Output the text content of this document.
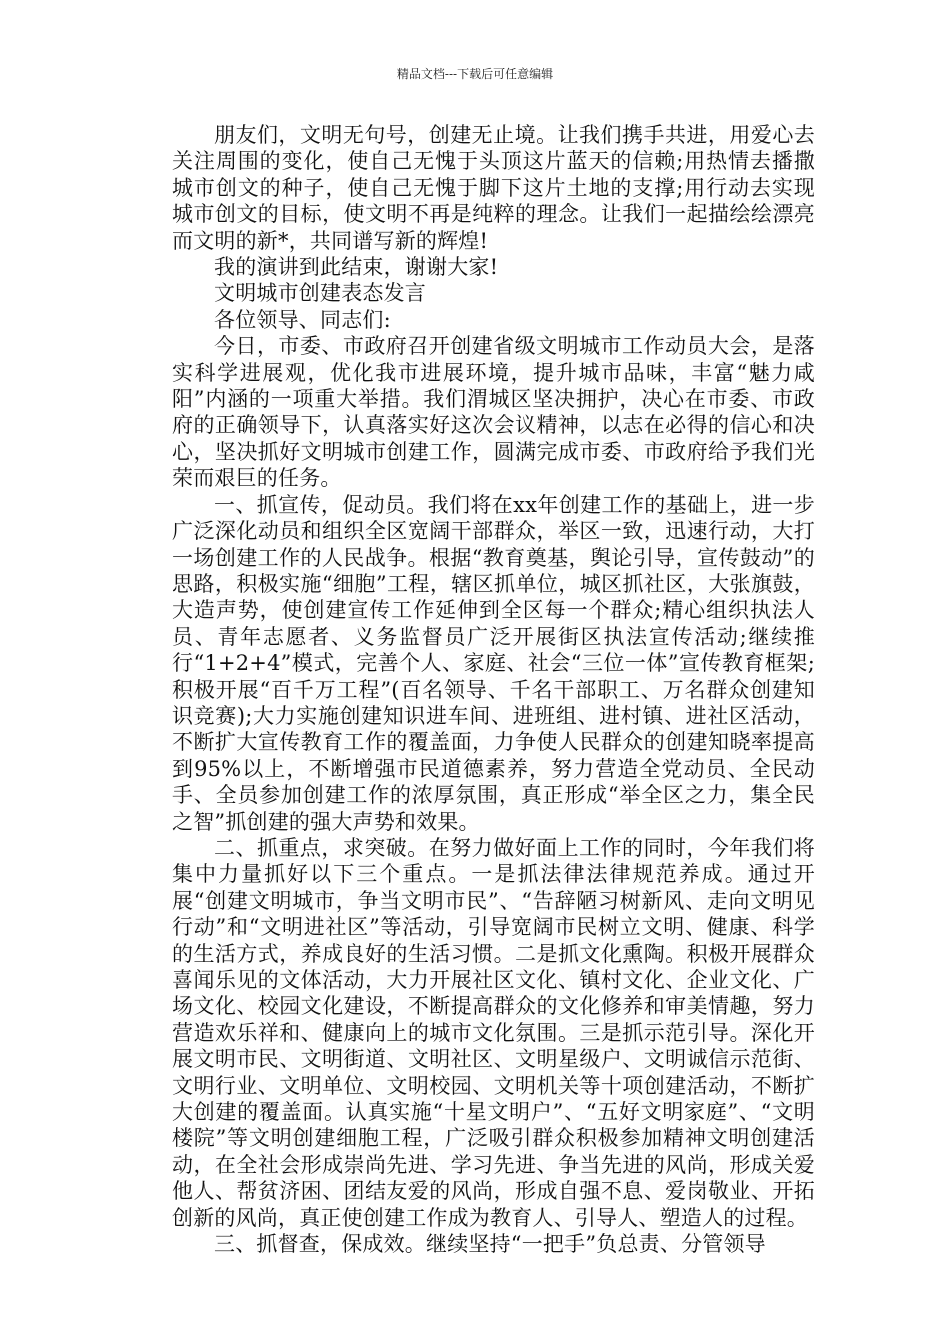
精品文档---下载后可任意编辑

朋友们，文明无句号，创建无止境。让我们携手共进，用爱心去关注周围的变化，使自己无愧于头顶这片蓝天的信赖;用热情去播撒城市创文的种子，使自己无愧于脚下这片土地的支撑;用行动去实现城市创文的目标，使文明不再是纯粹的理念。让我们一起描绘绘漂亮而文明的新*，共同谱写新的辉煌!

我的演讲到此结束，谢谢大家!

文明城市创建表态发言

各位领导、同志们:

今日，市委、市政府召开创建省级文明城市工作动员大会，是落实科学进展观，优化我市进展环境，提升城市品味，丰富“魅力咸阳”内涵的一项重大举措。我们渭城区坚决拥护，决心在市委、市政府的正确领导下，认真落实好这次会议精神，以志在必得的信心和决心，坚决抓好文明城市创建工作，圆满完成市委、市政府给予我们光荣而艰巨的任务。

一、抓宣传，促动员。我们将在xx年创建工作的基础上，进一步广泛深化动员和组织全区宽阔干部群众，举区一致，迅速行动，大打一场创建工作的人民战争。根据“教育奠基，舆论引导，宣传鼓动”的思路，积极实施“细胞”工程，辖区抓单位，城区抓社区，大张旗鼓，大造声势，使创建宣传工作延伸到全区每一个群众;精心组织执法人员、青年志愿者、义务监督员广泛开展街区执法宣传活动;继续推行“1+2+4”模式，完善个人、家庭、社会“三位一体”宣传教育框架;积极开展“百千万工程”(百名领导、千名干部职工、万名群众创建知识竞赛);大力实施创建知识进车间、进班组、进村镇、进社区活动，不断扩大宣传教育工作的覆盖面，力争使人民群众的创建知晓率提高到95%以上，不断增强市民道德素养，努力营造全党动员、全民动手、全员参加创建工作的浓厚氛围，真正形成“举全区之力，集全民之智”抓创建的强大声势和效果。

二、抓重点，求突破。在努力做好面上工作的同时，今年我们将集中力量抓好以下三个重点。一是抓法律法律规范养成。通过开展“创建文明城市，争当文明市民”、“告辞陋习树新风、走向文明见行动”和“文明进社区”等活动，引导宽阔市民树立文明、健康、科学的生活方式，养成良好的生活习惯。二是抓文化熏陶。积极开展群众喜闻乐见的文体活动，大力开展社区文化、镇村文化、企业文化、广场文化、校园文化建设，不断提高群众的文化修养和审美情趣，努力营造欢乐祥和、健康向上的城市文化氛围。三是抓示范引导。深化开展文明市民、文明街道、文明社区、文明星级户、文明诚信示范街、文明行业、文明单位、文明校园、文明机关等十项创建活动，不断扩大创建的覆盖面。认真实施“十星文明户”、“五好文明家庭”、“文明楼院”等文明创建细胞工程，广泛吸引群众积极参加精神文明创建活动，在全社会形成崇尚先进、学习先进、争当先进的风尚，形成关爱他人、帮贫济困、团结友爱的风尚，形成自强不息、爱岗敬业、开拓创新的风尚，真正使创建工作成为教育人、引导人、塑造人的过程。

三、抓督查，保成效。继续坚持“一把手”负总责、分管领导
